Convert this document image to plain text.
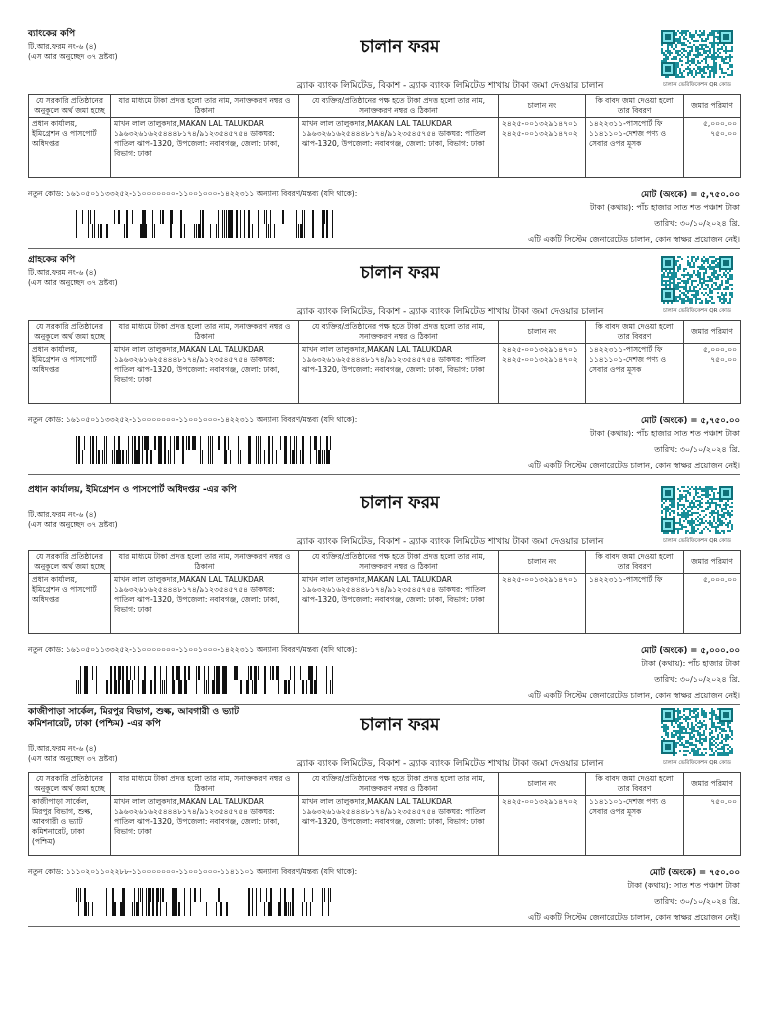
ব্যাংকের কপি
টি.আর.ফরম নং-৬ (৪)
(এস আর অনুচ্ছেদ ৩৭ দ্রষ্টব্য)	চালান ফরম
চালান ভেরিফিকেশন QR কোড
ব্র্যাক ব্যাংক লিমিটেড, বিকাশ - ব্র্যাক ব্যাংক লিমিটেড শাখায় টাকা জমা দেওয়ার চালান
যে সরকারি প্রতিষ্ঠানের অনুকূলে অর্থ জমা হচ্ছে	যার মাধ্যমে টাকা প্রদত্ত হলো তার নাম, সনাক্তকরণ নম্বর ও ঠিকানা	যে ব্যক্তির/প্রতিষ্ঠানের পক্ষ হতে টাকা প্রদত্ত হলো তার নাম, সনাক্তকরণ নম্বর ও ঠিকানা	চালান নং	কি বাবদ জমা দেওয়া হলো তার বিবরণ	জমার পরিমাণ
প্রধান কার্যালয়, ইমিগ্রেশন ও পাসপোর্ট অধিদপ্তর	মাখন লাল তালুকদার,MAKAN LAL TALUKDAR ১৯৬৩২৬১৬২৫৪৪৪৮১৭৪/৯১২৩৫৪৫৭৫৪ ডাকঘর: পাতিল ঝাপ-1320, উপজেলা: নবাবগঞ্জ, জেলা: ঢাকা, বিভাগ: ঢাকা	মাখন লাল তালুকদার,MAKAN LAL TALUKDAR ১৯৬৩২৬১৬২৫৪৪৪৮১৭৪/৯১২৩৫৪৫৭৫৪ ডাকঘর: পাতিল ঝাপ-1320, উপজেলা: নবাবগঞ্জ, জেলা: ঢাকা, বিভাগ: ঢাকা	২৪২৫-০০১৩২৯১৪৭০১ ২৪২৫-০০১৩২৯১৪৭০২	১৪২২৩১১-পাসপোর্ট ফি ১১৪১১০১-দেশজ পণ্য ও সেবার ওপর মূসক	৫,০০০.০০ ৭৫০.০০
নতুন কোড: ১৬১০৫০১১৩৩২৫২-১১০০০০০০০-১১০০১০০০-১৪২২৩১১ অন্যান্য বিবরণ/মন্তব্য (যদি থাকে):	মোট (অংকে) = ৫,৭৫০.০০
টাকা (কথায়): পাঁচ হাজার সাত শত পঞ্চাশ টাকা
তারিখ: ৩০/১০/২০২৪ খ্রি.
এটি একটি সিস্টেম জেনারেটেড চালান, কোন স্বাক্ষর প্রয়োজন নেই।
গ্রাহকের কপি
টি.আর.ফরম নং-৬ (৪)
(এস আর অনুচ্ছেদ ৩৭ দ্রষ্টব্য)	চালান ফরম
চালান ভেরিফিকেশন QR কোড
ব্র্যাক ব্যাংক লিমিটেড, বিকাশ - ব্র্যাক ব্যাংক লিমিটেড শাখায় টাকা জমা দেওয়ার চালান
যে সরকারি প্রতিষ্ঠানের অনুকূলে অর্থ জমা হচ্ছে	যার মাধ্যমে টাকা প্রদত্ত হলো তার নাম, সনাক্তকরণ নম্বর ও ঠিকানা	যে ব্যক্তির/প্রতিষ্ঠানের পক্ষ হতে টাকা প্রদত্ত হলো তার নাম, সনাক্তকরণ নম্বর ও ঠিকানা	চালান নং	কি বাবদ জমা দেওয়া হলো তার বিবরণ	জমার পরিমাণ
প্রধান কার্যালয়, ইমিগ্রেশন ও পাসপোর্ট অধিদপ্তর	মাখন লাল তালুকদার,MAKAN LAL TALUKDAR ১৯৬৩২৬১৬২৫৪৪৪৮১৭৪/৯১২৩৫৪৫৭৫৪ ডাকঘর: পাতিল ঝাপ-1320, উপজেলা: নবাবগঞ্জ, জেলা: ঢাকা, বিভাগ: ঢাকা	মাখন লাল তালুকদার,MAKAN LAL TALUKDAR ১৯৬৩২৬১৬২৫৪৪৪৮১৭৪/৯১২৩৫৪৫৭৫৪ ডাকঘর: পাতিল ঝাপ-1320, উপজেলা: নবাবগঞ্জ, জেলা: ঢাকা, বিভাগ: ঢাকা	২৪২৫-০০১৩২৯১৪৭০১ ২৪২৫-০০১৩২৯১৪৭০২	১৪২২৩১১-পাসপোর্ট ফি ১১৪১১০১-দেশজ পণ্য ও সেবার ওপর মূসক	৫,০০০.০০ ৭৫০.০০
নতুন কোড: ১৬১০৫০১১৩৩২৫২-১১০০০০০০০-১১০০১০০০-১৪২২৩১১ অন্যান্য বিবরণ/মন্তব্য (যদি থাকে):	মোট (অংকে) = ৫,৭৫০.০০
টাকা (কথায়): পাঁচ হাজার সাত শত পঞ্চাশ টাকা
তারিখ: ৩০/১০/২০২৪ খ্রি.
এটি একটি সিস্টেম জেনারেটেড চালান, কোন স্বাক্ষর প্রয়োজন নেই।
প্রধান কার্যালয়, ইমিগ্রেশন ও পাসপোর্ট অধিদপ্তর -এর কপি
টি.আর.ফরম নং-৬ (৪)
(এস আর অনুচ্ছেদ ৩৭ দ্রষ্টব্য)
চালান ফরম
চালান ভেরিফিকেশন QR কোড
ব্র্যাক ব্যাংক লিমিটেড, বিকাশ - ব্র্যাক ব্যাংক লিমিটেড শাখায় টাকা জমা দেওয়ার চালান
যে সরকারি প্রতিষ্ঠানের অনুকূলে অর্থ জমা হচ্ছে	যার মাধ্যমে টাকা প্রদত্ত হলো তার নাম, সনাক্তকরণ নম্বর ও ঠিকানা	যে ব্যক্তির/প্রতিষ্ঠানের পক্ষ হতে টাকা প্রদত্ত হলো তার নাম, সনাক্তকরণ নম্বর ও ঠিকানা	চালান নং	কি বাবদ জমা দেওয়া হলো তার বিবরণ	জমার পরিমাণ
প্রধান কার্যালয়, ইমিগ্রেশন ও পাসপোর্ট অধিদপ্তর	মাখন লাল তালুকদার,MAKAN LAL TALUKDAR ১৯৬৩২৬১৬২৫৪৪৪৮১৭৪/৯১২৩৫৪৫৭৫৪ ডাকঘর: পাতিল ঝাপ-1320, উপজেলা: নবাবগঞ্জ, জেলা: ঢাকা, বিভাগ: ঢাকা	মাখন লাল তালুকদার,MAKAN LAL TALUKDAR ১৯৬৩২৬১৬২৫৪৪৪৮১৭৪/৯১২৩৫৪৫৭৫৪ ডাকঘর: পাতিল ঝাপ-1320, উপজেলা: নবাবগঞ্জ, জেলা: ঢাকা, বিভাগ: ঢাকা	২৪২৫-০০১৩২৯১৪৭০১	১৪২২৩১১-পাসপোর্ট ফি	৫,০০০.০০
নতুন কোড: ১৬১০৫০১১৩৩২৫২-১১০০০০০০০-১১০০১০০০-১৪২২৩১১ অন্যান্য বিবরণ/মন্তব্য (যদি থাকে):	মোট (অংকে) = ৫,০০০.০০
টাকা (কথায়): পাঁচ হাজার টাকা
তারিখ: ৩০/১০/২০২৪ খ্রি.
এটি একটি সিস্টেম জেনারেটেড চালান, কোন স্বাক্ষর প্রয়োজন নেই।
কাজীপাড়া সার্কেল, মিরপুর বিভাগ, শুল্ক, আবগারী ও ভ্যাট কমিশনারেট, ঢাকা (পশ্চিম) -এর কপি
টি.আর.ফরম নং-৬ (৪)
(এস আর অনুচ্ছেদ ৩৭ দ্রষ্টব্য)
চালান ফরম
চালান ভেরিফিকেশন QR কোড
ব্র্যাক ব্যাংক লিমিটেড, বিকাশ - ব্র্যাক ব্যাংক লিমিটেড শাখায় টাকা জমা দেওয়ার চালান
যে সরকারি প্রতিষ্ঠানের অনুকূলে অর্থ জমা হচ্ছে	যার মাধ্যমে টাকা প্রদত্ত হলো তার নাম, সনাক্তকরণ নম্বর ও ঠিকানা	যে ব্যক্তির/প্রতিষ্ঠানের পক্ষ হতে টাকা প্রদত্ত হলো তার নাম, সনাক্তকরণ নম্বর ও ঠিকানা	চালান নং	কি বাবদ জমা দেওয়া হলো তার বিবরণ	জমার পরিমাণ
কাজীপাড়া সার্কেল, মিরপুর বিভাগ, শুল্ক, আবগারী ও ভ্যাট কমিশনারেট, ঢাকা (পশ্চিম)	মাখন লাল তালুকদার,MAKAN LAL TALUKDAR ১৯৬৩২৬১৬২৫৪৪৪৮১৭৪/৯১২৩৫৪৫৭৫৪ ডাকঘর: পাতিল ঝাপ-1320, উপজেলা: নবাবগঞ্জ, জেলা: ঢাকা, বিভাগ: ঢাকা	মাখন লাল তালুকদার,MAKAN LAL TALUKDAR ১৯৬৩২৬১৬২৫৪৪৪৮১৭৪/৯১২৩৫৪৫৭৫৪ ডাকঘর: পাতিল ঝাপ-1320, উপজেলা: নবাবগঞ্জ, জেলা: ঢাকা, বিভাগ: ঢাকা	২৪২৫-০০১৩২৯১৪৭০২	১১৪১১০১-দেশজ পণ্য ও সেবার ওপর মূসক	৭৫০.০০
নতুন কোড: ১১১০২০১১০২২৮৮-১১০০০০০০০-১১০০১০০০-১১৪১১০১ অন্যান্য বিবরণ/মন্তব্য (যদি থাকে):	মোট (অংকে) = ৭৫০.০০
টাকা (কথায়): সাত শত পঞ্চাশ টাকা
তারিখ: ৩০/১০/২০২৪ খ্রি.
এটি একটি সিস্টেম জেনারেটেড চালান, কোন স্বাক্ষর প্রয়োজন নেই।
